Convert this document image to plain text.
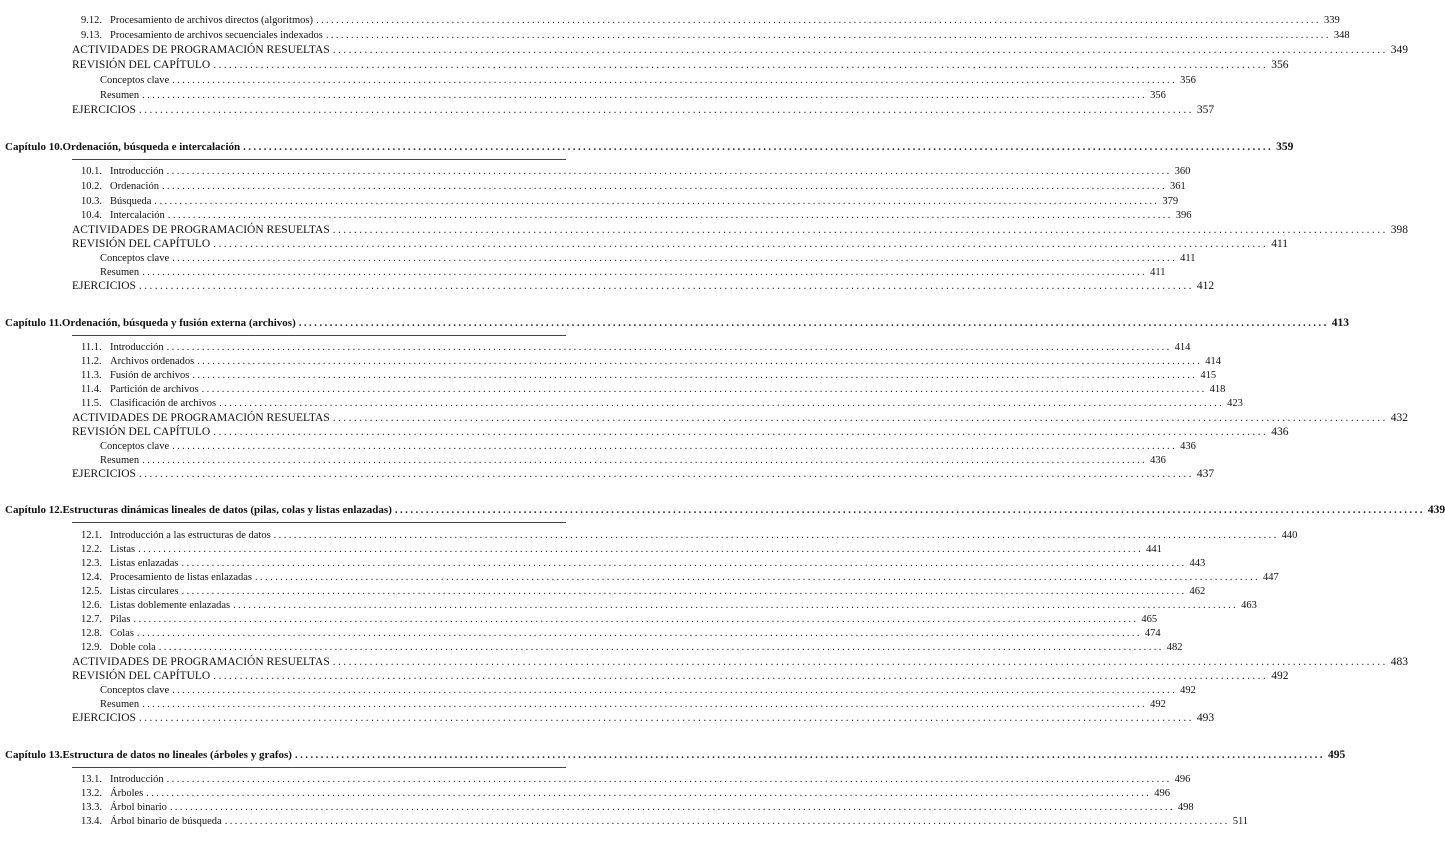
9.12. Procesamiento de archivos directos (algoritmos) ........................................................................................................................................................................................................ 339
9.13. Procesamiento de archivos secuenciales indexados ........................................................................................................................................................................................................ 348
ACTIVIDADES DE PROGRAMACIÓN RESUELTAS ........................................................................................................................................................................................................ 349
REVISIÓN DEL CAPÍTULO ........................................................................................................................................................................................................ 356
Conceptos clave ........................................................................................................................................................................................................ 356
Resumen ........................................................................................................................................................................................................ 356
EJERCICIOS ........................................................................................................................................................................................................ 357
Capítulo 10. Ordenación, búsqueda e intercalación ........................................................................................................................................................................................................ 359
10.1. Introducción ........................................................................................................................................................................................................ 360
10.2. Ordenación ........................................................................................................................................................................................................ 361
10.3. Búsqueda ........................................................................................................................................................................................................ 379
10.4. Intercalación ........................................................................................................................................................................................................ 396
ACTIVIDADES DE PROGRAMACIÓN RESUELTAS ........................................................................................................................................................................................................ 398
REVISIÓN DEL CAPÍTULO ........................................................................................................................................................................................................ 411
Conceptos clave ........................................................................................................................................................................................................ 411
Resumen ........................................................................................................................................................................................................ 411
EJERCICIOS ........................................................................................................................................................................................................ 412
Capítulo 11. Ordenación, búsqueda y fusión externa (archivos) ........................................................................................................................................................................................................ 413
11.1. Introducción ........................................................................................................................................................................................................ 414
11.2. Archivos ordenados ........................................................................................................................................................................................................ 414
11.3. Fusión de archivos ........................................................................................................................................................................................................ 415
11.4. Partición de archivos ........................................................................................................................................................................................................ 418
11.5. Clasificación de archivos ........................................................................................................................................................................................................ 423
ACTIVIDADES DE PROGRAMACIÓN RESUELTAS ........................................................................................................................................................................................................ 432
REVISIÓN DEL CAPÍTULO ........................................................................................................................................................................................................ 436
Conceptos clave ........................................................................................................................................................................................................ 436
Resumen ........................................................................................................................................................................................................ 436
EJERCICIOS ........................................................................................................................................................................................................ 437
Capítulo 12. Estructuras dinámicas lineales de datos (pilas, colas y listas enlazadas) ........................................................................................................................................................................................................ 439
12.1. Introducción a las estructuras de datos ........................................................................................................................................................................................................ 440
12.2. Listas ........................................................................................................................................................................................................ 441
12.3. Listas enlazadas ........................................................................................................................................................................................................ 443
12.4. Procesamiento de listas enlazadas ........................................................................................................................................................................................................ 447
12.5. Listas circulares ........................................................................................................................................................................................................ 462
12.6. Listas doblemente enlazadas ........................................................................................................................................................................................................ 463
12.7. Pilas ........................................................................................................................................................................................................ 465
12.8. Colas ........................................................................................................................................................................................................ 474
12.9. Doble cola ........................................................................................................................................................................................................ 482
ACTIVIDADES DE PROGRAMACIÓN RESUELTAS ........................................................................................................................................................................................................ 483
REVISIÓN DEL CAPÍTULO ........................................................................................................................................................................................................ 492
Conceptos clave ........................................................................................................................................................................................................ 492
Resumen ........................................................................................................................................................................................................ 492
EJERCICIOS ........................................................................................................................................................................................................ 493
Capítulo 13. Estructura de datos no lineales (árboles y grafos) ........................................................................................................................................................................................................ 495
13.1. Introducción ........................................................................................................................................................................................................ 496
13.2. Árboles ........................................................................................................................................................................................................ 496
13.3. Árbol binario ........................................................................................................................................................................................................ 498
13.4. Árbol binario de búsqueda ........................................................................................................................................................................................................ 511
